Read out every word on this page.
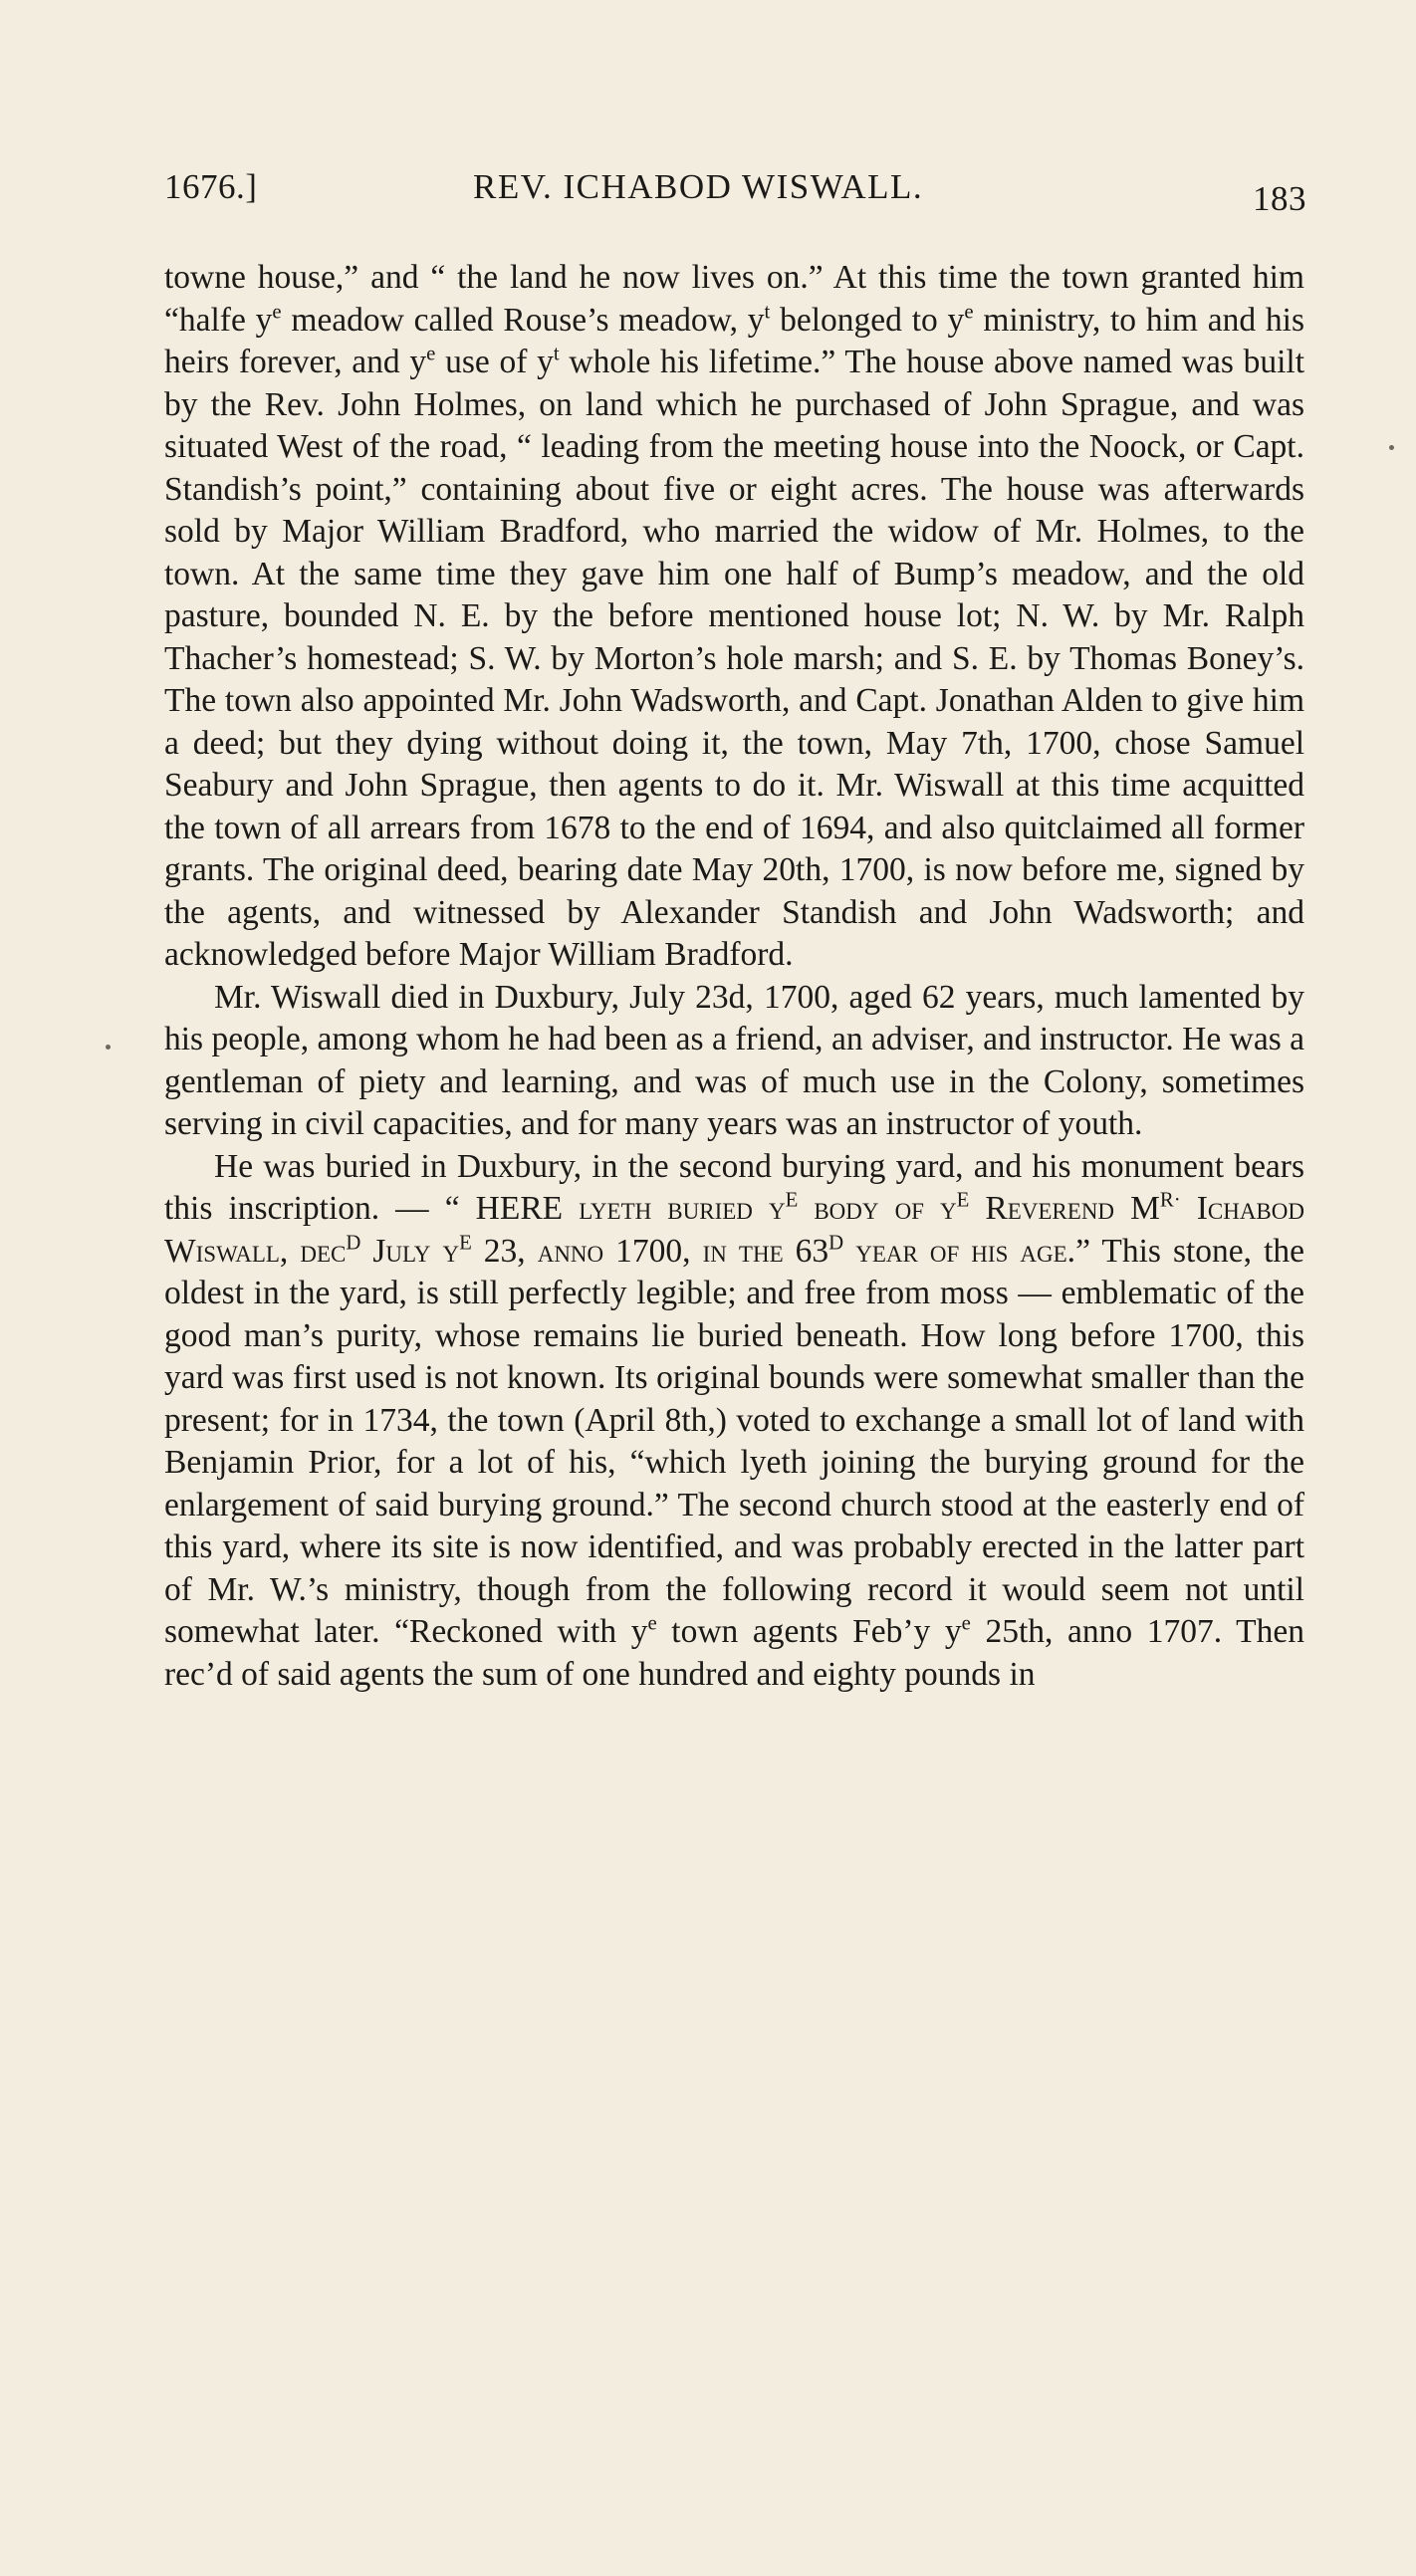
1676.]	REV. ICHABOD WISWALL.	183

towne house,” and “ the land he now lives on.” At this time the town granted him “halfe $y^e$ meadow called Rouse’s meadow, $y^t$ belonged to $y^e$ ministry, to him and his heirs forever, and $y^e$ use of $y^t$ whole his lifetime.” The house above named was built by the Rev. John Holmes, on land which he purchased of John Sprague, and was situated West of the road, “ leading from the meeting house into the Noock, or Capt. Standish’s point,” containing about five or eight acres. The house was afterwards sold by Major William Bradford, who married the widow of Mr. Holmes, to the town. At the same time they gave him one half of Bump’s meadow, and the old pasture, bounded N. E. by the before mentioned house lot; N. W. by Mr. Ralph Thacher’s homestead; S. W. by Morton’s hole marsh; and S. E. by Thomas Boney’s. The town also appointed Mr. John Wadsworth, and Capt. Jonathan Alden to give him a deed; but they dying without doing it, the town, May 7th, 1700, chose Samuel Seabury and John Sprague, then agents to do it. Mr. Wiswall at this time acquitted the town of all arrears from 1678 to the end of 1694, and also quitclaimed all former grants. The original deed, bearing date May 20th, 1700, is now before me, signed by the agents, and witnessed by Alexander Standish and John Wadsworth; and acknowledged before Major William Bradford.

Mr. Wiswall died in Duxbury, July 23d, 1700, aged 62 years, much lamented by his people, among whom he had been as a friend, an adviser, and instructor. He was a gentleman of piety and learning, and was of much use in the Colony, sometimes serving in civil capacities, and for many years was an instructor of youth.

He was buried in Duxbury, in the second burying yard, and his monument bears this inscription. — “ HERE lyeth buried $y^E$ body of $y^E$ Reverend $M^{R\cdot}$ Ichabod Wiswall, dec$^D$ July $y^E$ 23, anno 1700, in the $63^D$ year of his age.” This stone, the oldest in the yard, is still perfectly legible; and free from moss — emblematic of the good man’s purity, whose remains lie buried beneath. How long before 1700, this yard was first used is not known. Its original bounds were somewhat smaller than the present; for in 1734, the town (April 8th,) voted to exchange a small lot of land with Benjamin Prior, for a lot of his, “which lyeth joining the burying ground for the enlargement of said burying ground.” The second church stood at the easterly end of this yard, where its site is now identified, and was probably erected in the latter part of Mr. W.’s ministry, though from the following record it would seem not until somewhat later. “Reckoned with $y^e$ town agents Feb’y $y^e$ 25th, anno 1707. Then rec’d of said agents the sum of one hundred and eighty pounds in
